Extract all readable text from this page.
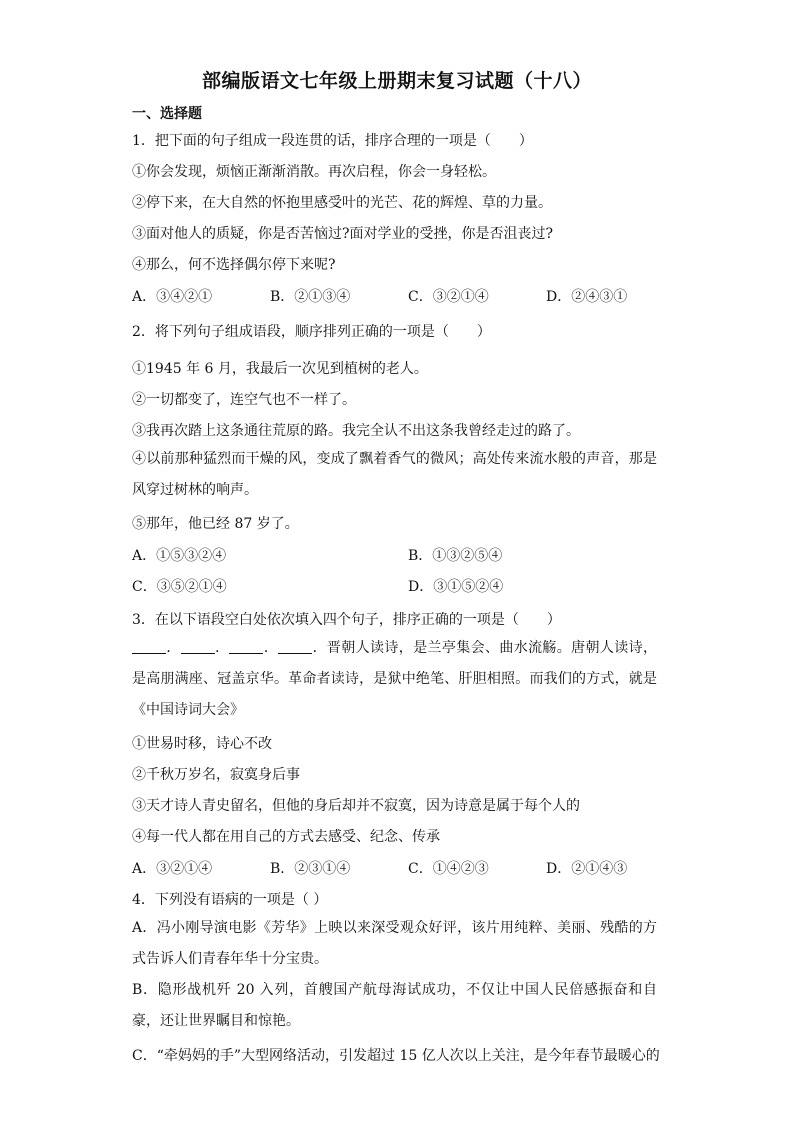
部编版语文七年级上册期末复习试题（十八）
一、选择题
1．把下面的句子组成一段连贯的话，排序合理的一项是（　　）
①你会发现，烦恼正渐渐消散。再次启程，你会一身轻松。
②停下来，在大自然的怀抱里感受叶的光芒、花的辉煌、草的力量。
③面对他人的质疑，你是否苦恼过?面对学业的受挫，你是否沮丧过?
④那么，何不选择偶尔停下来呢?
A．③④②①	B．②①③④	C．③②①④	D．②④③①
2．将下列句子组成语段，顺序排列正确的一项是（　　）
①1945 年 6 月，我最后一次见到植树的老人。
②一切都变了，连空气也不一样了。
③我再次踏上这条通往荒原的路。我完全认不出这条我曾经走过的路了。
④以前那种猛烈而干燥的风，变成了飘着香气的微风；高处传来流水般的声音，那是风穿过树林的响声。
⑤那年，他已经 87 岁了。
A．①⑤③②④	B．①③②⑤④
C．③⑤②①④	D．③①⑤②④
3．在以下语段空白处依次填入四个句子，排序正确的一项是（　　）
． ． ． ．晋朝人读诗，是兰亭集会、曲水流觞。唐朝人读诗，是高朋满座、冠盖京华。革命者读诗，是狱中绝笔、肝胆相照。而我们的方式，就是《中国诗词大会》
①世易时移，诗心不改
②千秋万岁名，寂寞身后事
③天才诗人青史留名，但他的身后却并不寂寞，因为诗意是属于每个人的
④每一代人都在用自己的方式去感受、纪念、传承
A．③②①④	B．②③①④	C．①④②③	D．②①④③
4．下列没有语病的一项是（ ）
A．冯小刚导演电影《芳华》上映以来深受观众好评，该片用纯粹、美丽、残酷的方式告诉人们青春年华十分宝贵。
B．隐形战机歼 20 入列，首艘国产航母海试成功，不仅让中国人民倍感振奋和自豪，还让世界瞩目和惊艳。
C．“牵妈妈的手”大型网络活动，引发超过 15 亿人次以上关注，是今年春节最暖心的
